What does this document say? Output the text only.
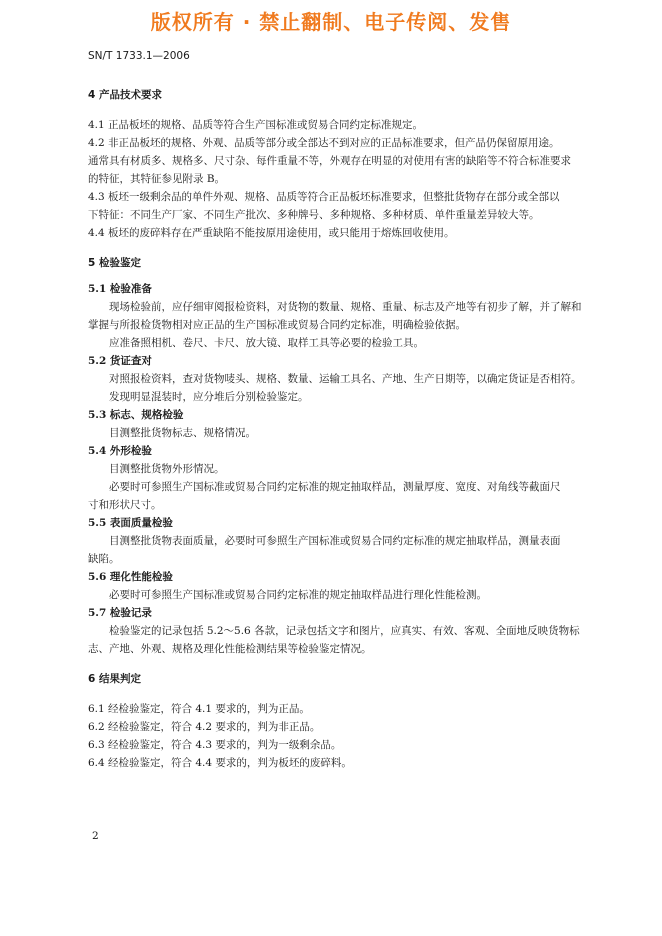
版权所有 · 禁止翻制、电子传阅、发售
SN/T 1733.1—2006
4 产品技术要求
4.1 正品板坯的规格、品质等符合生产国标准或贸易合同约定标准规定。
4.2 非正品板坯的规格、外观、品质等部分或全部达不到对应的正品标准要求，但产品仍保留原用途。
通常具有材质多、规格多、尺寸杂、每件重量不等，外观存在明显的对使用有害的缺陷等不符合标准要求
的特征，其特征参见附录 B。
4.3 板坯一级剩余品的单件外观、规格、品质等符合正品板坯标准要求，但整批货物存在部分或全部以
下特征：不同生产厂家、不同生产批次、多种牌号、多种规格、多种材质、单件重量差异较大等。
4.4 板坯的废碎料存在严重缺陷不能按原用途使用，或只能用于熔炼回收使用。
5 检验鉴定
5.1 检验准备
现场检验前，应仔细审阅报检资料，对货物的数量、规格、重量、标志及产地等有初步了解，并了解和
掌握与所报检货物相对应正品的生产国标准或贸易合同约定标准，明确检验依据。
应准备照相机、卷尺、卡尺、放大镜、取样工具等必要的检验工具。
5.2 货证查对
对照报检资料，查对货物唛头、规格、数量、运输工具名、产地、生产日期等，以确定货证是否相符。
发现明显混装时，应分堆后分别检验鉴定。
5.3 标志、规格检验
目测整批货物标志、规格情况。
5.4 外形检验
目测整批货物外形情况。
必要时可参照生产国标准或贸易合同约定标准的规定抽取样品，测量厚度、宽度、对角线等截面尺
寸和形状尺寸。
5.5 表面质量检验
目测整批货物表面质量，必要时可参照生产国标准或贸易合同约定标准的规定抽取样品，测量表面
缺陷。
5.6 理化性能检验
必要时可参照生产国标准或贸易合同约定标准的规定抽取样品进行理化性能检测。
5.7 检验记录
检验鉴定的记录包括 5.2～5.6 各款，记录包括文字和图片，应真实、有效、客观、全面地反映货物标
志、产地、外观、规格及理化性能检测结果等检验鉴定情况。
6 结果判定
6.1 经检验鉴定，符合 4.1 要求的，判为正品。
6.2 经检验鉴定，符合 4.2 要求的，判为非正品。
6.3 经检验鉴定，符合 4.3 要求的，判为一级剩余品。
6.4 经检验鉴定，符合 4.4 要求的，判为板坯的废碎料。
2
